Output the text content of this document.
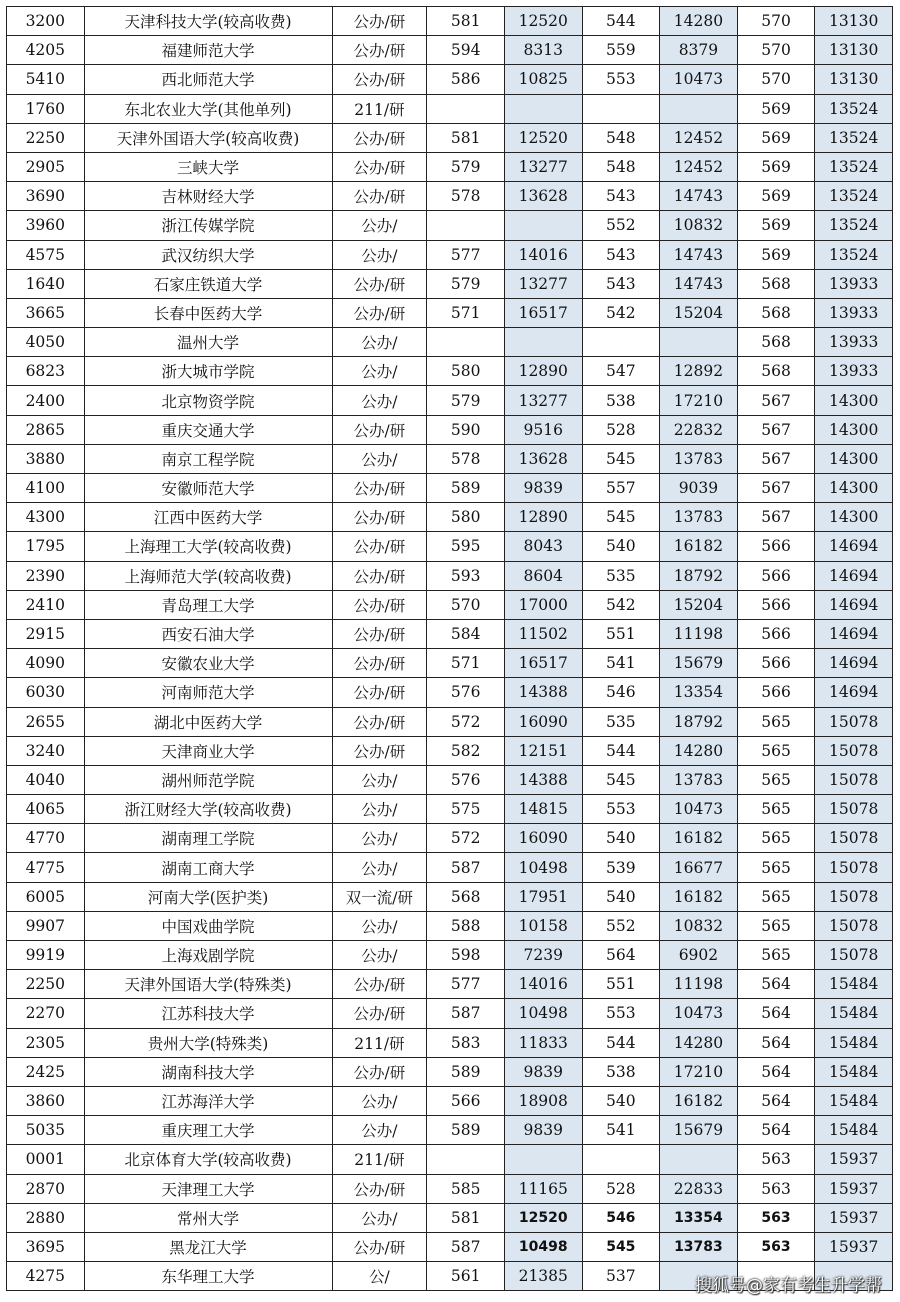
3200	天津科技大学(较高收费)	公办/研	581	12520	544	14280	570	13130
4205	福建师范大学	公办/研	594	8313	559	8379	570	13130
5410	西北师范大学	公办/研	586	10825	553	10473	570	13130
1760	东北农业大学(其他单列)	211/研					569	13524
2250	天津外国语大学(较高收费)	公办/研	581	12520	548	12452	569	13524
2905	三峡大学	公办/研	579	13277	548	12452	569	13524
3690	吉林财经大学	公办/研	578	13628	543	14743	569	13524
3960	浙江传媒学院	公办/			552	10832	569	13524
4575	武汉纺织大学	公办/	577	14016	543	14743	569	13524
1640	石家庄铁道大学	公办/研	579	13277	543	14743	568	13933
3665	长春中医药大学	公办/研	571	16517	542	15204	568	13933
4050	温州大学	公办/					568	13933
6823	浙大城市学院	公办/	580	12890	547	12892	568	13933
2400	北京物资学院	公办/	579	13277	538	17210	567	14300
2865	重庆交通大学	公办/研	590	9516	528	22832	567	14300
3880	南京工程学院	公办/	578	13628	545	13783	567	14300
4100	安徽师范大学	公办/研	589	9839	557	9039	567	14300
4300	江西中医药大学	公办/研	580	12890	545	13783	567	14300
1795	上海理工大学(较高收费)	公办/研	595	8043	540	16182	566	14694
2390	上海师范大学(较高收费)	公办/研	593	8604	535	18792	566	14694
2410	青岛理工大学	公办/研	570	17000	542	15204	566	14694
2915	西安石油大学	公办/研	584	11502	551	11198	566	14694
4090	安徽农业大学	公办/研	571	16517	541	15679	566	14694
6030	河南师范大学	公办/研	576	14388	546	13354	566	14694
2655	湖北中医药大学	公办/研	572	16090	535	18792	565	15078
3240	天津商业大学	公办/研	582	12151	544	14280	565	15078
4040	湖州师范学院	公办/	576	14388	545	13783	565	15078
4065	浙江财经大学(较高收费)	公办/	575	14815	553	10473	565	15078
4770	湖南理工学院	公办/	572	16090	540	16182	565	15078
4775	湖南工商大学	公办/	587	10498	539	16677	565	15078
6005	河南大学(医护类)	双一流/研	568	17951	540	16182	565	15078
9907	中国戏曲学院	公办/	588	10158	552	10832	565	15078
9919	上海戏剧学院	公办/	598	7239	564	6902	565	15078
2250	天津外国语大学(特殊类)	公办/研	577	14016	551	11198	564	15484
2270	江苏科技大学	公办/研	587	10498	553	10473	564	15484
2305	贵州大学(特殊类)	211/研	583	11833	544	14280	564	15484
2425	湖南科技大学	公办/研	589	9839	538	17210	564	15484
3860	江苏海洋大学	公办/	566	18908	540	16182	564	15484
5035	重庆理工大学	公办/	589	9839	541	15679	564	15484
0001	北京体育大学(较高收费)	211/研					563	15937
2870	天津理工大学	公办/研	585	11165	528	22833	563	15937
2880	常州大学	公办/	581	12520	546	13354	563	15937
3695	黑龙江大学	公办/研	587	10498	545	13783	563	15937
4275	东华理工大学	公/	561	21385	537				搜狐号@家有考生升学帮
